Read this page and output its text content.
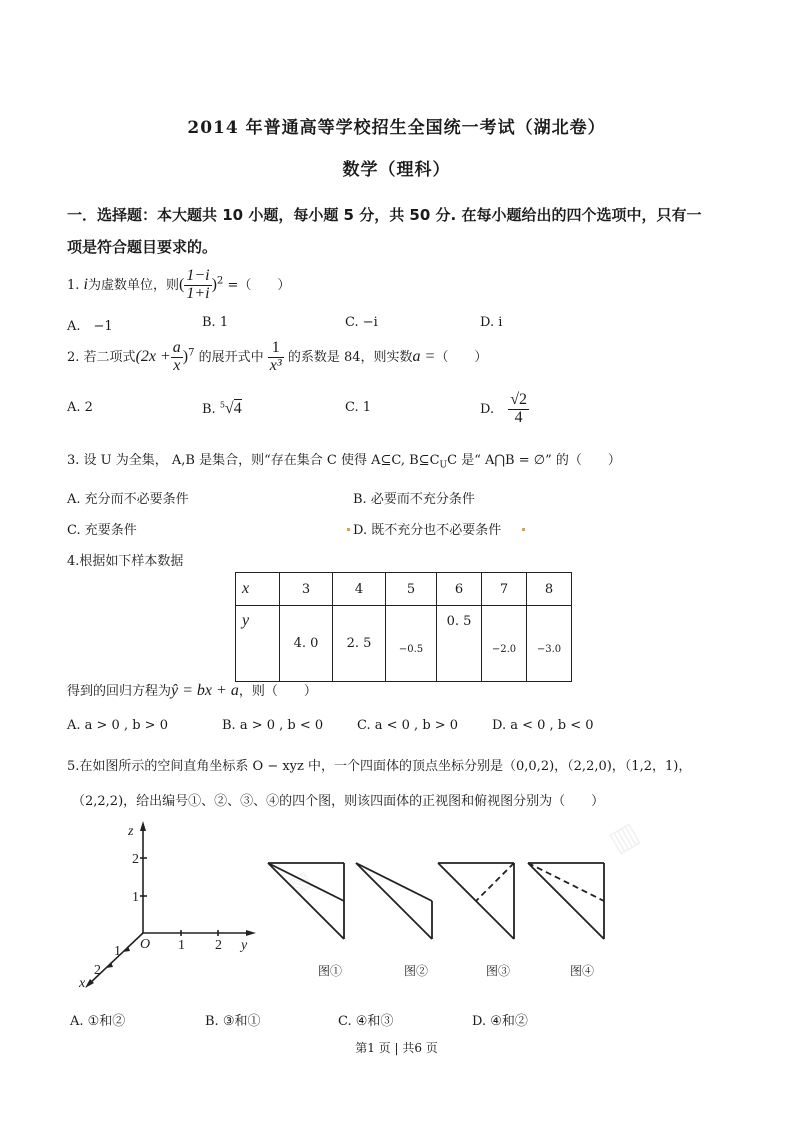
▧
▥
2014 年普通高等学校招生全国统一考试（湖北卷）
数学（理科）
一．选择题：本大题共 10 小题，每小题 5 分，共 50 分. 在每小题给出的四个选项中，只有一
项是符合题目要求的。
1. i为虚数单位，则( $\frac{1-i}{1+i} )^2$ =（　　）
A.　−1	B. 1	C. −i	D. i
2. 若二项式$(2x + \frac{a}{x} )^7$ 的展开式中 $\frac{1}{\text{x³}}$ 的系数是 84，则实数a =（　　）
A. 2	B. $^5$√4	C. 1	D. $\frac{√2}{4}$
3. 设 U 为全集， A,B 是集合，则“存在集合 C 使得 A⊆C, $B⊆C_UC$ 是“ A⋂B = ∅” 的（　　）
A. 充分而不必要条件	B. 必要而不充分条件
C. 充要条件	D. 既不充分也不必要条件
4.根据如下样本数据
x	3	4	5	6	7	8
y	4. 0	2. 5	−0.5	0. 5	−2.0	−3.0
得到的回归方程为ŷ = bx + a，则（　　）
A. a > 0 , b > 0	B. a > 0 , b < 0	C. a < 0 , b > 0	D. a < 0 , b < 0
5.在如图所示的空间直角坐标系 O − xyz 中，一个四面体的顶点坐标分别是（0,0,2)，（2,2,0)，（1,2，1)，
（2,2,2)，给出编号①、②、③、④的四个图，则该四面体的正视图和俯视图分别为（　　）
z
2
1
O 1 2 y
1
2
x
图①	图②	图③	图④
A. ①和②	B. ③和①	C. ④和③	D. ④和②
第1 页 | 共6 页
